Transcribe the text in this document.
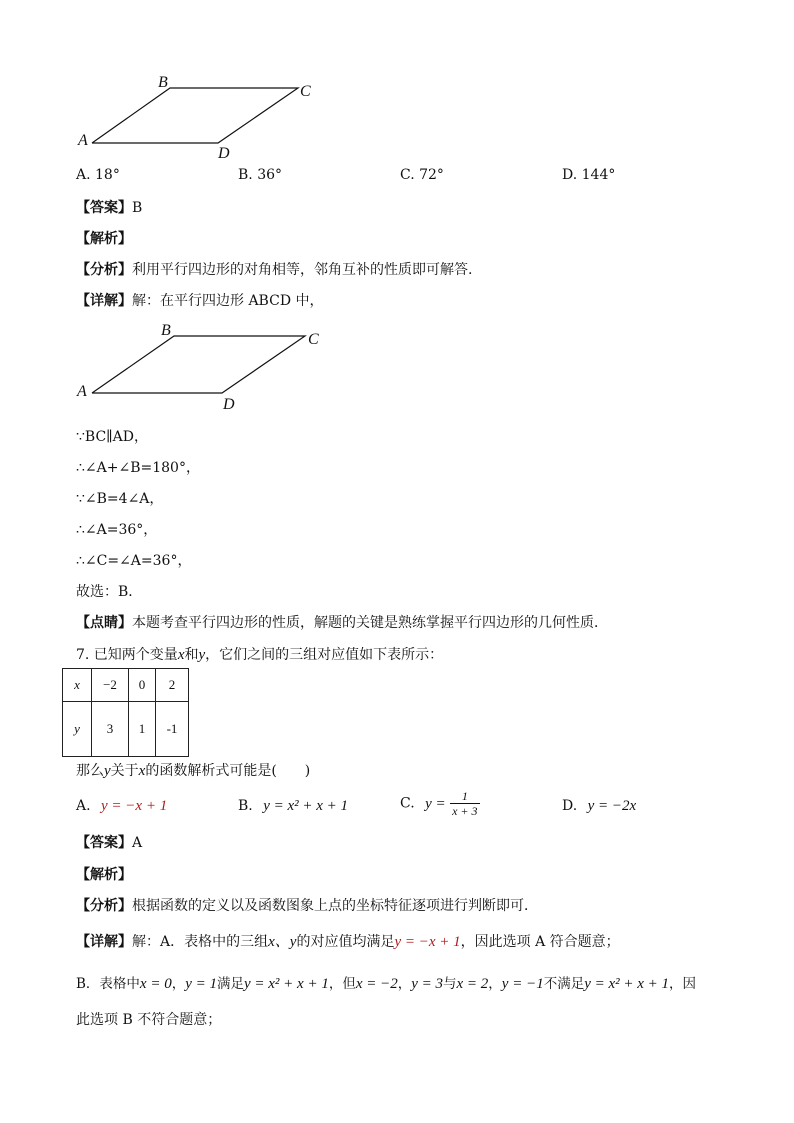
B
C
A
D
A. 18°	B. 36°	C. 72°	D. 144°
【答案】B
【解析】
【分析】利用平行四边形的对角相等，邻角互补的性质即可解答.
【详解】解：在平行四边形 ABCD 中，
B
C
A
D
∵BC∥AD，
∴∠A+∠B=180°，
∵∠B=4∠A，
∴∠A=36°，
∴∠C=∠A=36°，
故选：B．
【点睛】本题考查平行四边形的性质，解题的关键是熟练掌握平行四边形的几何性质．
7. 已知两个变量x和y，它们之间的三组对应值如下表所示：
x	−2	0	2
y	3	1	-1
那么y关于x的函数解析式可能是(　　)
A. y = −x + 1	B. y = x² + x + 1	C. $y = \frac{1}{x + 3}$	D. y = −2x
【答案】A
【解析】
【分析】根据函数的定义以及函数图象上点的坐标特征逐项进行判断即可．
【详解】解：A．表格中的三组x、y的对应值均满足y = −x + 1，因此选项 A 符合题意；
B．表格中x = 0，y = 1满足y = x² + x + 1，但x = −2，y = 3与x = 2，y = −1不满足y = x² + x + 1，因
此选项 B 不符合题意；
